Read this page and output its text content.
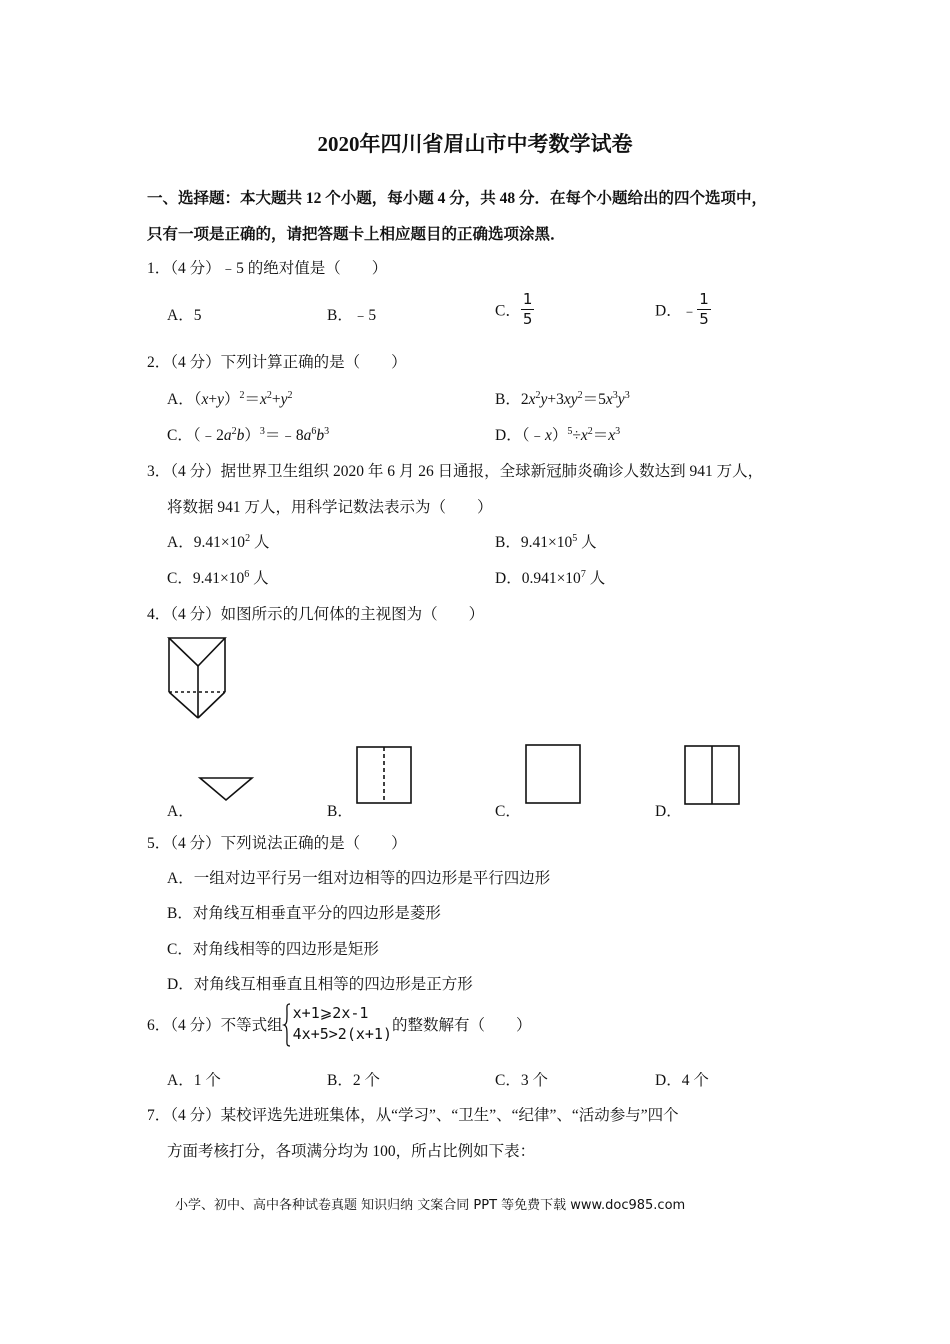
2020年四川省眉山市中考数学试卷
一、选择题：本大题共 12 个小题，每小题 4 分，共 48 分．在每个小题给出的四个选项中，
只有一项是正确的，请把答题卡上相应题目的正确选项涂黑．
1．（4 分）﹣5 的绝对值是（　　）
A．5	B．﹣5	C． $\frac{1}{5}$	D．﹣ $\frac{1}{5}$
2．（4 分）下列计算正确的是（　　）
A．$(x+y)^2=x^2+y^2$	B．$2x^2y+3xy^2=5x^3y^3$
C．$(﹣2a^2b)^3=﹣8a^6b^3$	D．$(﹣x)^5\div x^2=x^3$
3．（4 分）据世界卫生组织 2020 年 6 月 26 日通报，全球新冠肺炎确诊人数达到 941 万人，
将数据 941 万人，用科学记数法表示为（　　）
A．$9.41\times 10^2$ 人	B．$9.41\times 10^5$ 人
C．$9.41\times 10^6$ 人	D．$0.941\times 10^7$ 人
4．（4 分）如图所示的几何体的主视图为（　　）
A．	B．	C．	D．
5．（4 分）下列说法正确的是（　　）
A．一组对边平行另一组对边相等的四边形是平行四边形
B．对角线互相垂直平分的四边形是菱形
C．对角线相等的四边形是矩形
D．对角线互相垂直且相等的四边形是正方形
6．（4 分）不等式组
x+1⩾2x-1
4x+5>2(x+1) 的整数解有（　　）
A．1 个	B．2 个	C．3 个	D．4 个
7．（4 分）某校评选先进班集体，从“学习”、“卫生”、“纪律”、“活动参与”四个
方面考核打分，各项满分均为 100，所占比例如下表：
小学、初中、高中各种试卷真题 知识归纳 文案合同 PPT 等免费下载 www.doc985.com
